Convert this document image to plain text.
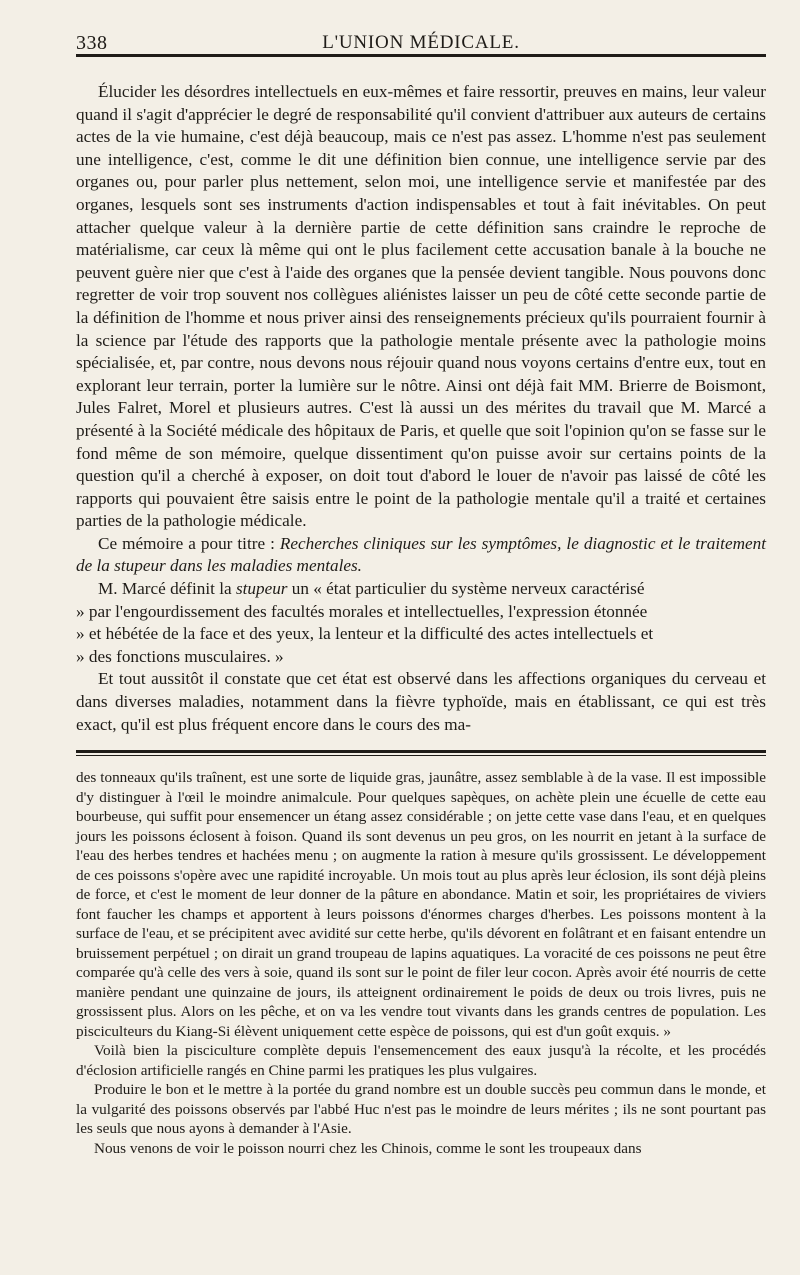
338	L'UNION MÉDICALE.

Élucider les désordres intellectuels en eux-mêmes et faire ressortir, preuves en mains, leur valeur quand il s'agit d'apprécier le degré de responsabilité qu'il convient d'attribuer aux auteurs de certains actes de la vie humaine, c'est déjà beaucoup, mais ce n'est pas assez. L'homme n'est pas seulement une intelligence, c'est, comme le dit une définition bien connue, une intelligence servie par des organes ou, pour parler plus nettement, selon moi, une intelligence servie et manifestée par des organes, lesquels sont ses instruments d'action indispensables et tout à fait inévitables. On peut attacher quelque valeur à la dernière partie de cette définition sans craindre le reproche de matérialisme, car ceux là même qui ont le plus facilement cette accusation banale à la bouche ne peuvent guère nier que c'est à l'aide des organes que la pensée devient tangible. Nous pouvons donc regretter de voir trop souvent nos collègues aliénistes laisser un peu de côté cette seconde partie de la définition de l'homme et nous priver ainsi des renseignements précieux qu'ils pourraient fournir à la science par l'étude des rapports que la pathologie mentale présente avec la pathologie moins spécialisée, et, par contre, nous devons nous réjouir quand nous voyons certains d'entre eux, tout en explorant leur terrain, porter la lumière sur le nôtre. Ainsi ont déjà fait MM. Brierre de Boismont, Jules Falret, Morel et plusieurs autres. C'est là aussi un des mérites du travail que M. Marcé a présenté à la Société médicale des hôpitaux de Paris, et quelle que soit l'opinion qu'on se fasse sur le fond même de son mémoire, quelque dissentiment qu'on puisse avoir sur certains points de la question qu'il a cherché à exposer, on doit tout d'abord le louer de n'avoir pas laissé de côté les rapports qui pouvaient être saisis entre le point de la pathologie mentale qu'il a traité et certaines parties de la pathologie médicale.

Ce mémoire a pour titre : Recherches cliniques sur les symptômes, le diagnostic et le traitement de la stupeur dans les maladies mentales.

M. Marcé définit la stupeur un « état particulier du système nerveux caractérisé

» par l'engourdissement des facultés morales et intellectuelles, l'expression étonnée

» et hébétée de la face et des yeux, la lenteur et la difficulté des actes intellectuels et

» des fonctions musculaires. »

Et tout aussitôt il constate que cet état est observé dans les affections organiques du cerveau et dans diverses maladies, notamment dans la fièvre typhoïde, mais en établissant, ce qui est très exact, qu'il est plus fréquent encore dans le cours des ma-

des tonneaux qu'ils traînent, est une sorte de liquide gras, jaunâtre, assez semblable à de la vase. Il est impossible d'y distinguer à l'œil le moindre animalcule. Pour quelques sapèques, on achète plein une écuelle de cette eau bourbeuse, qui suffit pour ensemencer un étang assez considérable ; on jette cette vase dans l'eau, et en quelques jours les poissons éclosent à foison. Quand ils sont devenus un peu gros, on les nourrit en jetant à la surface de l'eau des herbes tendres et hachées menu ; on augmente la ration à mesure qu'ils grossissent. Le développement de ces poissons s'opère avec une rapidité incroyable. Un mois tout au plus après leur éclosion, ils sont déjà pleins de force, et c'est le moment de leur donner de la pâture en abondance. Matin et soir, les propriétaires de viviers font faucher les champs et apportent à leurs poissons d'énormes charges d'herbes. Les poissons montent à la surface de l'eau, et se précipitent avec avidité sur cette herbe, qu'ils dévorent en folâtrant et en faisant entendre un bruissement perpétuel ; on dirait un grand troupeau de lapins aquatiques. La voracité de ces poissons ne peut être comparée qu'à celle des vers à soie, quand ils sont sur le point de filer leur cocon. Après avoir été nourris de cette manière pendant une quinzaine de jours, ils atteignent ordinairement le poids de deux ou trois livres, puis ne grossissent plus. Alors on les pêche, et on va les vendre tout vivants dans les grands centres de population. Les pisciculteurs du Kiang-Si élèvent uniquement cette espèce de poissons, qui est d'un goût exquis. »

Voilà bien la pisciculture complète depuis l'ensemencement des eaux jusqu'à la récolte, et les procédés d'éclosion artificielle rangés en Chine parmi les pratiques les plus vulgaires.

Produire le bon et le mettre à la portée du grand nombre est un double succès peu commun dans le monde, et la vulgarité des poissons observés par l'abbé Huc n'est pas le moindre de leurs mérites ; ils ne sont pourtant pas les seuls que nous ayons à demander à l'Asie.

Nous venons de voir le poisson nourri chez les Chinois, comme le sont les troupeaux dans
